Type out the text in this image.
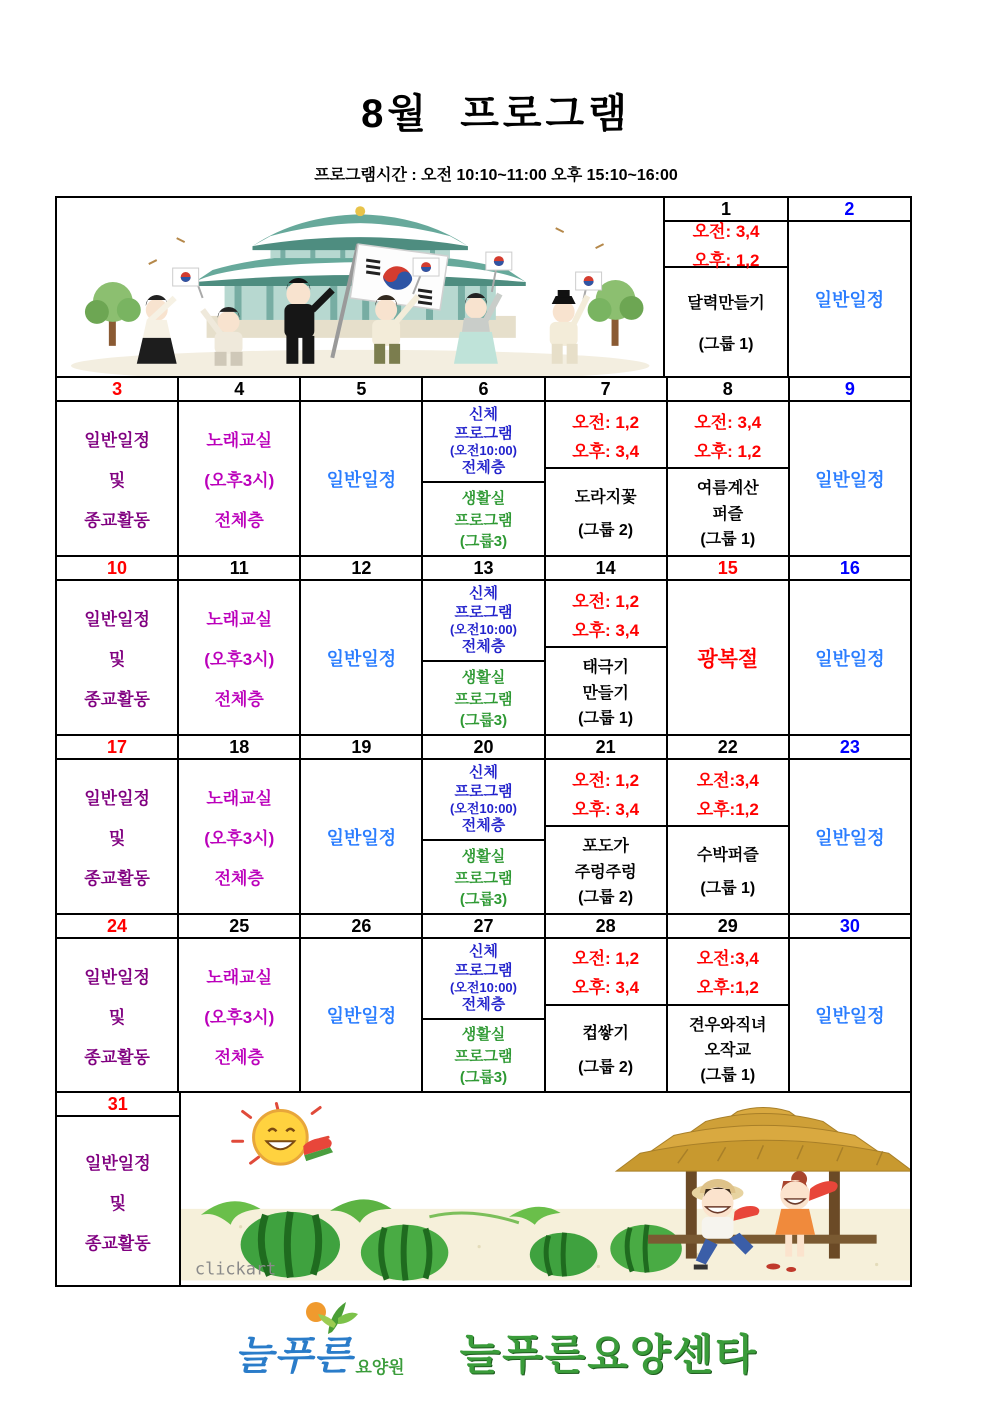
8월  프로그램
프로그램시간 : 오전 10:10~11:00 오후 15:10~16:00
1
오전: 3,4
오후: 1,2
달력만들기
(그룹 1)
2
일반일정
3
일반일정
및
종교활동
4
노래교실
(오후3시)
전체층
5
일반일정
6
신체
프로그램
(오전10:00)
전체층
생활실
프로그램
(그룹3)
7
오전: 1,2
오후: 3,4
도라지꽃
(그룹 2)
8
오전: 3,4
오후: 1,2
여름계산
퍼즐
(그룹 1)
9
일반일정
10
일반일정
및
종교활동
11
노래교실
(오후3시)
전체층
12
일반일정
13
신체
프로그램
(오전10:00)
전체층
생활실
프로그램
(그룹3)
14
오전: 1,2
오후: 3,4
태극기
만들기
(그룹 1)
15
광복절
16
일반일정
17
일반일정
및
종교활동
18
노래교실
(오후3시)
전체층
19
일반일정
20
신체
프로그램
(오전10:00)
전체층
생활실
프로그램
(그룹3)
21
오전: 1,2
오후: 3,4
포도가
주렁주렁
(그룹 2)
22
오전:3,4
오후:1,2
수박퍼즐
(그룹 1)
23
일반일정
24
일반일정
및
종교활동
25
노래교실
(오후3시)
전체층
26
일반일정
27
신체
프로그램
(오전10:00)
전체층
생활실
프로그램
(그룹3)
28
오전: 1,2
오후: 3,4
컵쌓기
(그룹 2)
29
오전:3,4
오후:1,2
견우와직녀
오작교
(그룹 1)
30
일반일정
31
일반일정
및
종교활동
clickart
늘푸른 요양원 늘푸른요양센타
